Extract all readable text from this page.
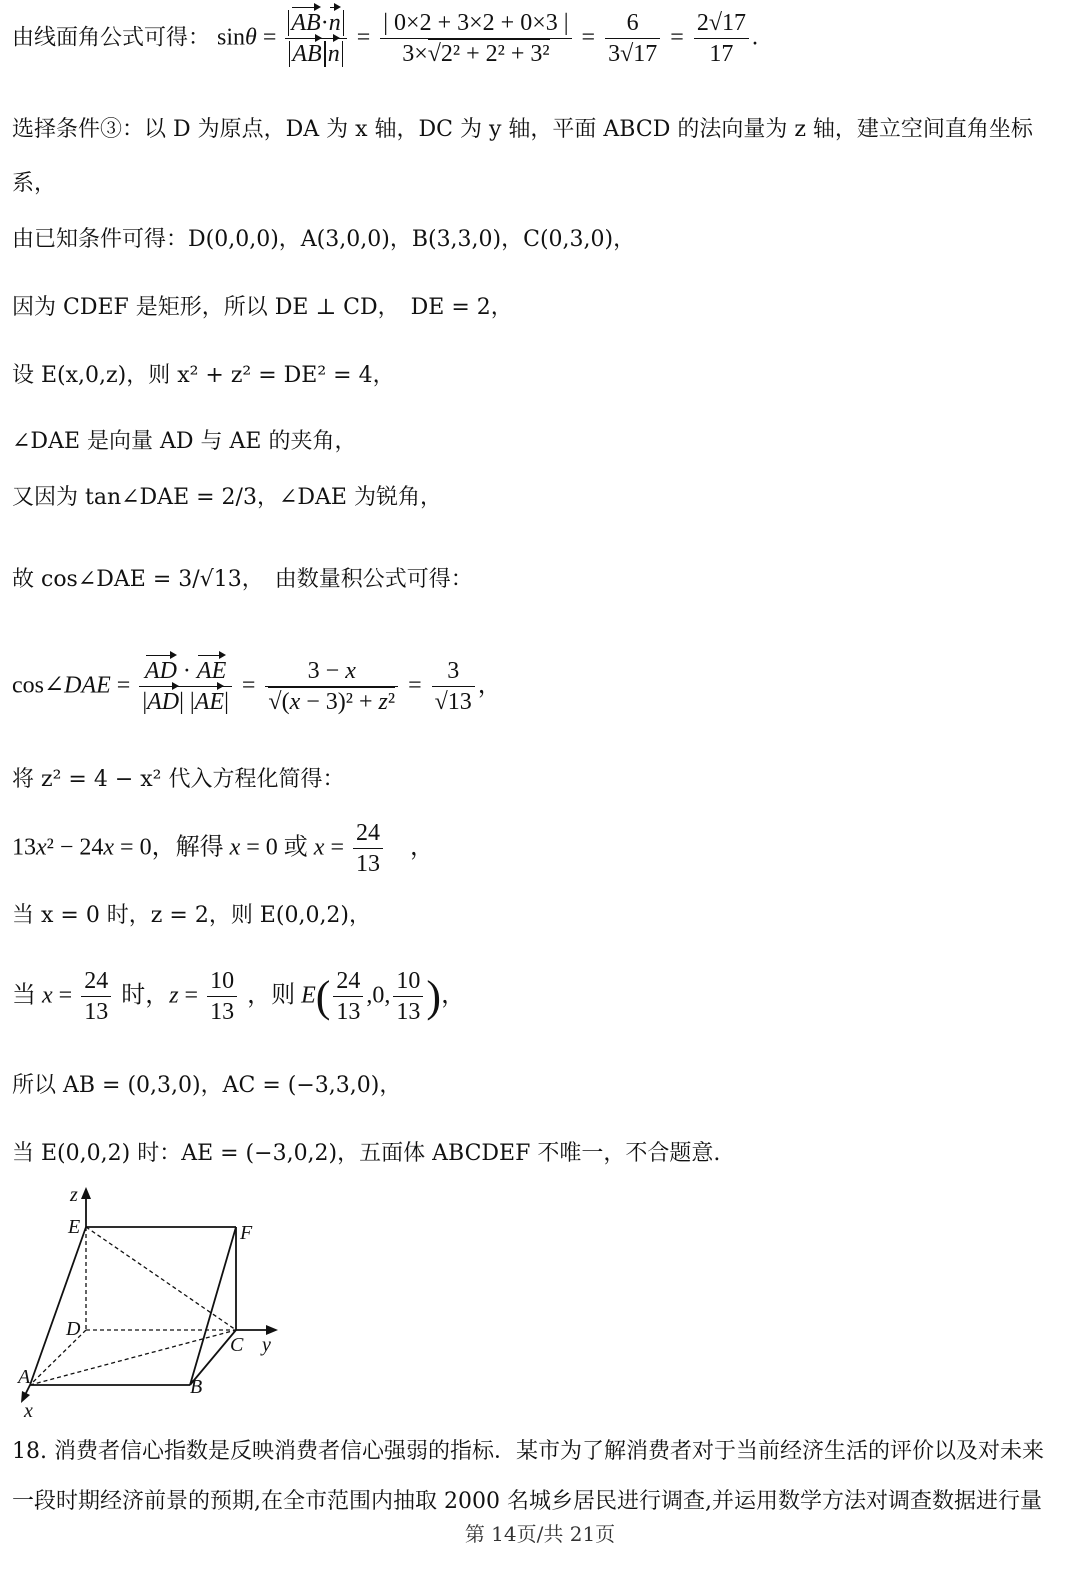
由线面角公式可得： $\sin\theta = \frac{AB\cdot n}{\text{AB n}} = \frac{| 0\times 2 + 3\times 2 + 0\times 3 |}{\text{3×√2² + 2² + 3²}} = \frac{6}{3√17} = \frac{2√17}{17}$ .
选择条件③：以 D 为原点，DA 为 x 轴，DC 为 y 轴，平面 ABCD 的法向量为 z 轴，建立空间直角坐标
系，
由已知条件可得：D(0,0,0)，A(3,0,0)，B(3,3,0)，C(0,3,0)，
因为 CDEF 是矩形，所以 DE ⊥ CD，　DE = 2，
设 E(x,0,z)，则 x² + z² = DE² = 4，
∠DAE 是向量 AD 与 AE 的夹角，
又因为 tan∠DAE = 2/3，∠DAE 为锐角，
故 cos∠DAE = 3/√13，　由数量积公式可得：
cos∠DAE = $\frac{AD \cdot AE}{|AD| |AE|} = \frac{3 - x}{\text{√(x − 3)² + z²}} = \frac{3}{√13}$ ，
将 z² = 4 − x² 代入方程化简得：
13x² − 24x = 0，解得 x = 0 或 $x = \frac{24}{13}$ 　，
当 x = 0 时，z = 2，则 E(0,0,2)，
当 $x = \frac{24}{13}$ 时，$z = \frac{10}{13}$ ，则 $E( \frac{24}{13} ,0$, $\frac{10}{13}$ )，
所以 AB = (0,3,0)，AC = (−3,3,0)，
当 E(0,0,2) 时：AE = (−3,0,2)，五面体 ABCDEF 不唯一，不合题意.
z
E	F
D
C y
A	B
x
18. 消费者信心指数是反映消费者信心强弱的指标．某市为了解消费者对于当前经济生活的评价以及对未来
一段时期经济前景的预期,在全市范围内抽取 2000 名城乡居民进行调查,并运用数学方法对调查数据进行量
第 14页/共 21页
